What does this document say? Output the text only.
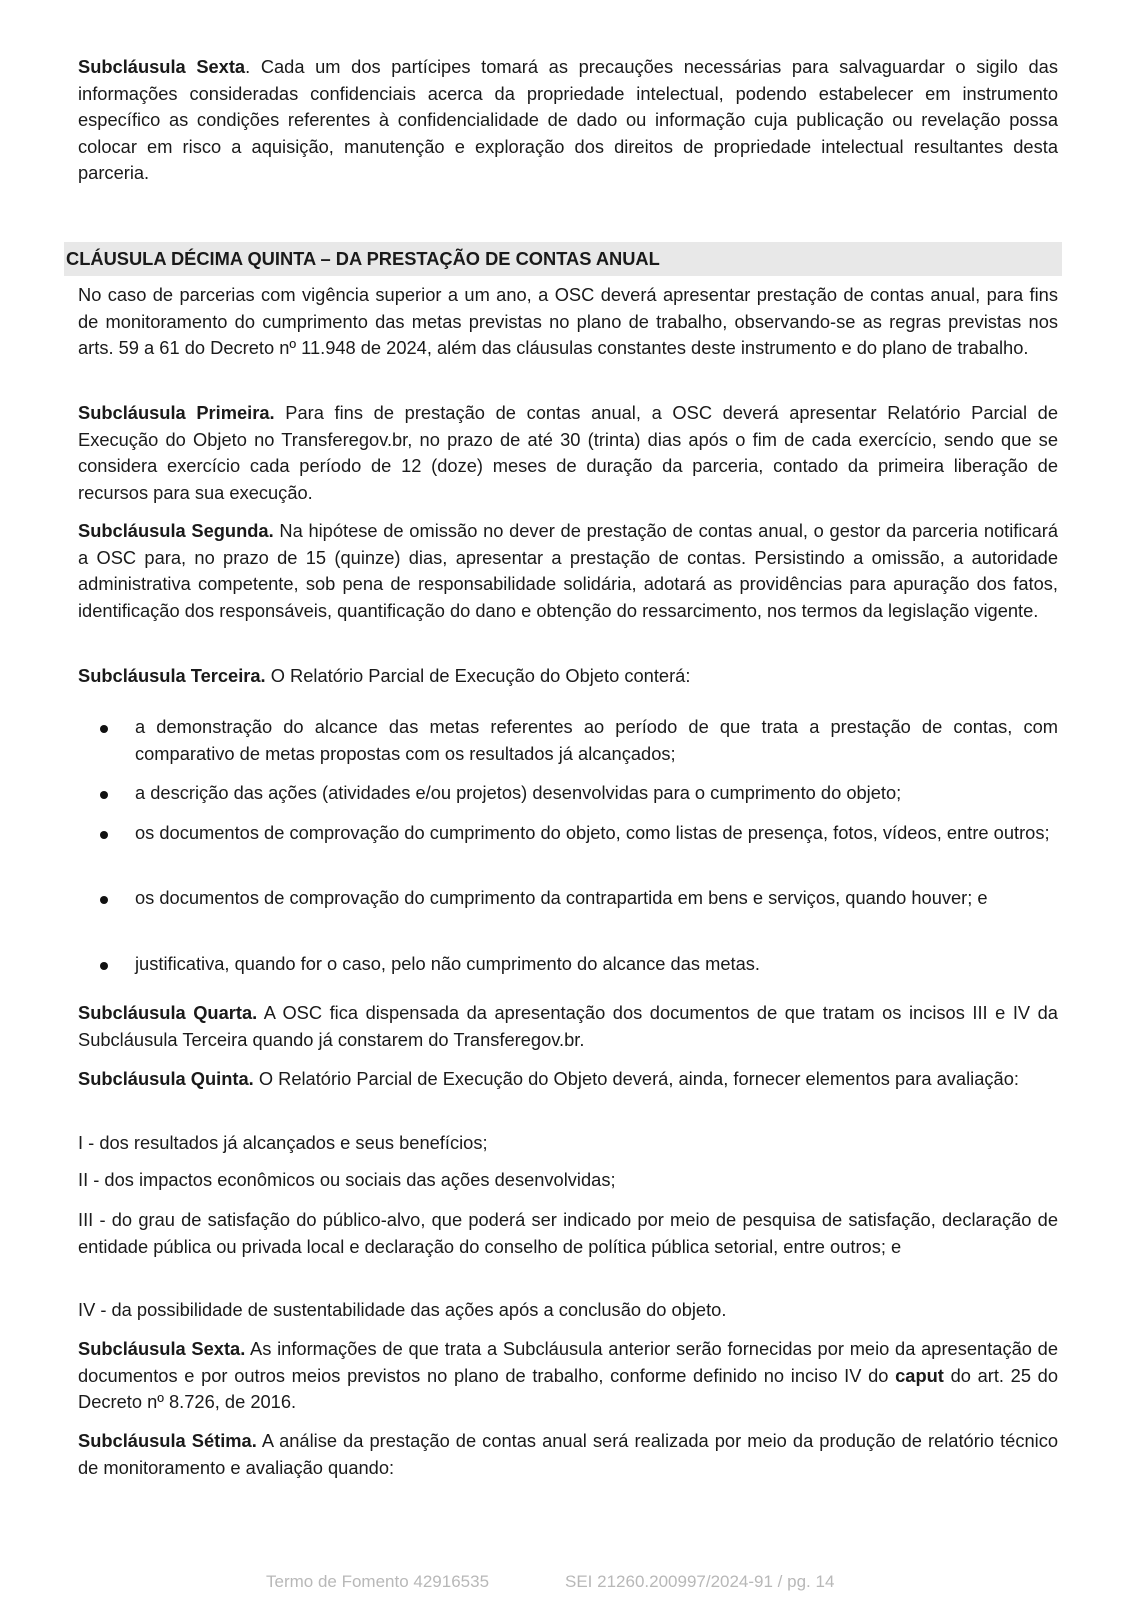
Subcláusula Sexta. Cada um dos partícipes tomará as precauções necessárias para salvaguardar o sigilo das informações consideradas confidenciais acerca da propriedade intelectual, podendo estabelecer em instrumento específico as condições referentes à confidencialidade de dado ou informação cuja publicação ou revelação possa colocar em risco a aquisição, manutenção e exploração dos direitos de propriedade intelectual resultantes desta parceria.

CLÁUSULA DÉCIMA QUINTA – DA PRESTAÇÃO DE CONTAS ANUAL

No caso de parcerias com vigência superior a um ano, a OSC deverá apresentar prestação de contas anual, para fins de monitoramento do cumprimento das metas previstas no plano de trabalho, observando-se as regras previstas nos arts. 59 a 61 do Decreto nº 11.948 de 2024, além das cláusulas constantes deste instrumento e do plano de trabalho.

Subcláusula Primeira. Para fins de prestação de contas anual, a OSC deverá apresentar Relatório Parcial de Execução do Objeto no Transferegov.br, no prazo de até 30 (trinta) dias após o fim de cada exercício, sendo que se considera exercício cada período de 12 (doze) meses de duração da parceria, contado da primeira liberação de recursos para sua execução.

Subcláusula Segunda. Na hipótese de omissão no dever de prestação de contas anual, o gestor da parceria notificará a OSC para, no prazo de 15 (quinze) dias, apresentar a prestação de contas. Persistindo a omissão, a autoridade administrativa competente, sob pena de responsabilidade solidária, adotará as providências para apuração dos fatos, identificação dos responsáveis, quantificação do dano e obtenção do ressarcimento, nos termos da legislação vigente.

Subcláusula Terceira. O Relatório Parcial de Execução do Objeto conterá:

a demonstração do alcance das metas referentes ao período de que trata a prestação de contas, com comparativo de metas propostas com os resultados já alcançados;
a descrição das ações (atividades e/ou projetos) desenvolvidas para o cumprimento do objeto;
os documentos de comprovação do cumprimento do objeto, como listas de presença, fotos, vídeos, entre outros;
os documentos de comprovação do cumprimento da contrapartida em bens e serviços, quando houver; e
justificativa, quando for o caso, pelo não cumprimento do alcance das metas.

Subcláusula Quarta. A OSC fica dispensada da apresentação dos documentos de que tratam os incisos III e IV da Subcláusula Terceira quando já constarem do Transferegov.br.

Subcláusula Quinta. O Relatório Parcial de Execução do Objeto deverá, ainda, fornecer elementos para avaliação:

I - dos resultados já alcançados e seus benefícios;

II - dos impactos econômicos ou sociais das ações desenvolvidas;

III - do grau de satisfação do público-alvo, que poderá ser indicado por meio de pesquisa de satisfação, declaração de entidade pública ou privada local e declaração do conselho de política pública setorial, entre outros; e

IV - da possibilidade de sustentabilidade das ações após a conclusão do objeto.

Subcláusula Sexta. As informações de que trata a Subcláusula anterior serão fornecidas por meio da apresentação de documentos e por outros meios previstos no plano de trabalho, conforme definido no inciso IV do caput do art. 25 do Decreto nº 8.726, de 2016.

Subcláusula Sétima. A análise da prestação de contas anual será realizada por meio da produção de relatório técnico de monitoramento e avaliação quando:

Termo de Fomento 42916535	SEI 21260.200997/2024-91 / pg. 14
